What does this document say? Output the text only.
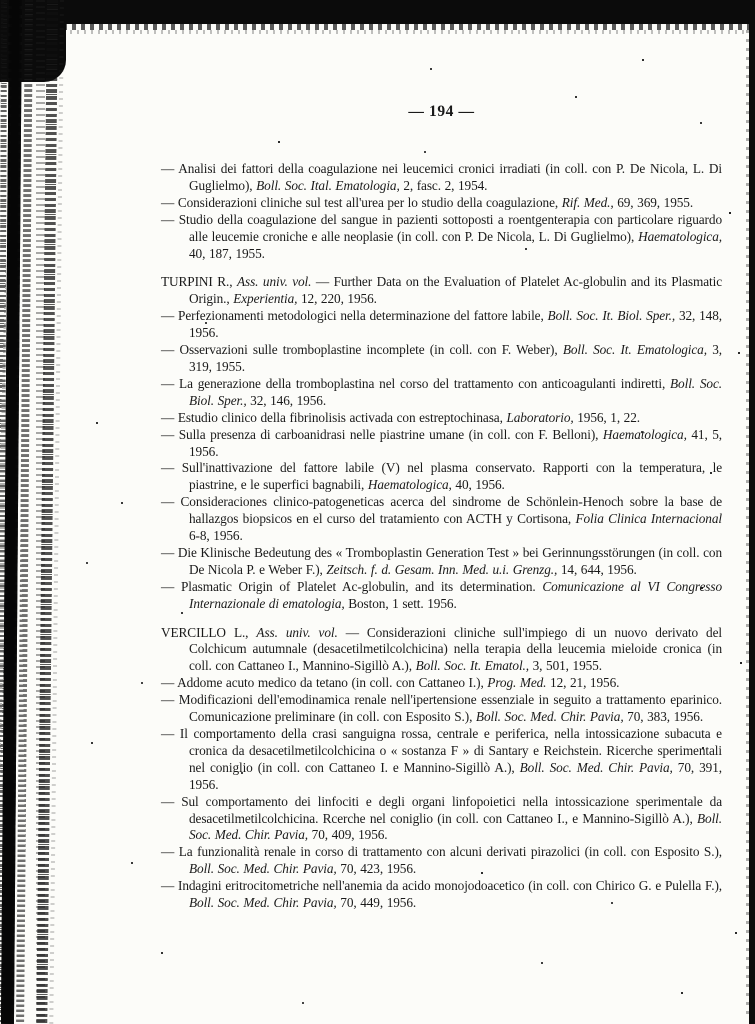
— 194 —

— Analisi dei fattori della coagulazione nei leucemici cronici irradiati (in coll. con P. De Nicola, L. Di Guglielmo), Boll. Soc. Ital. Ematologia, 2, fasc. 2, 1954.

— Considerazioni cliniche sul test all'urea per lo studio della coagulazione, Rif. Med., 69, 369, 1955.

— Studio della coagulazione del sangue in pazienti sottoposti a roentgenterapia con particolare riguardo alle leucemie croniche e alle neoplasie (in coll. con P. De Nicola, L. Di Guglielmo), Haematologica, 40, 187, 1955.

TURPINI R., Ass. univ. vol. — Further Data on the Evaluation of Platelet Ac-globulin and its Plasmatic Origin., Experientia, 12, 220, 1956.

— Perfezionamenti metodologici nella determinazione del fattore labile, Boll. Soc. It. Biol. Sper., 32, 148, 1956.

— Osservazioni sulle tromboplastine incomplete (in coll. con F. Weber), Boll. Soc. It. Ematologica, 3, 319, 1955.

— La generazione della tromboplastina nel corso del trattamento con anticoagulanti indiretti, Boll. Soc. Biol. Sper., 32, 146, 1956.

— Estudio clinico della fibrinolisis activada con estreptochinasa, Laboratorio, 1956, 1, 22.

— Sulla presenza di carboanidrasi nelle piastrine umane (in coll. con F. Belloni), Haematologica, 41, 5, 1956.

— Sull'inattivazione del fattore labile (V) nel plasma conservato. Rapporti con la temperatura, le piastrine, e le superfici bagnabili, Haematologica, 40, 1956.

— Consideraciones clinico-patogeneticas acerca del sindrome de Schönlein-Henoch sobre la base de hallazgos biopsicos en el curso del tratamiento con ACTH y Cortisona, Folia Clinica Internacional 6-8, 1956.

— Die Klinische Bedeutung des « Tromboplastin Generation Test » bei Gerinnungsstörungen (in coll. con De Nicola P. e Weber F.), Zeitsch. f. d. Gesam. Inn. Med. u.i. Grenzg., 14, 644, 1956.

— Plasmatic Origin of Platelet Ac-globulin, and its determination. Comunicazione al VI Congresso Internazionale di ematologia, Boston, 1 sett. 1956.

VERCILLO L., Ass. univ. vol. — Considerazioni cliniche sull'impiego di un nuovo derivato del Colchicum autumnale (desacetilmetilcolchicina) nella terapia della leucemia mieloide cronica (in coll. con Cattaneo I., Mannino-Sigillò A.), Boll. Soc. It. Ematol., 3, 501, 1955.

— Addome acuto medico da tetano (in coll. con Cattaneo I.), Prog. Med. 12, 21, 1956.

— Modificazioni dell'emodinamica renale nell'ipertensione essenziale in seguito a trattamento eparinico. Comunicazione preliminare (in coll. con Esposito S.), Boll. Soc. Med. Chir. Pavia, 70, 383, 1956.

— Il comportamento della crasi sanguigna rossa, centrale e periferica, nella intossicazione subacuta e cronica da desacetilmetilcolchicina o « sostanza F » di Santary e Reichstein. Ricerche sperimentali nel coniglio (in coll. con Cattaneo I. e Mannino-Sigillò A.), Boll. Soc. Med. Chir. Pavia, 70, 391, 1956.

— Sul comportamento dei linfociti e degli organi linfopoietici nella intossicazione sperimentale da desacetilmetilcolchicina. Rcerche nel coniglio (in coll. con Cattaneo I., e Mannino-Sigillò A.), Boll. Soc. Med. Chir. Pavia, 70, 409, 1956.

— La funzionalità renale in corso di trattamento con alcuni derivati pirazolici (in coll. con Esposito S.), Boll. Soc. Med. Chir. Pavia, 70, 423, 1956.

— Indagini eritrocitometriche nell'anemia da acido monojodoacetico (in coll. con Chirico G. e Pulella F.), Boll. Soc. Med. Chir. Pavia, 70, 449, 1956.
